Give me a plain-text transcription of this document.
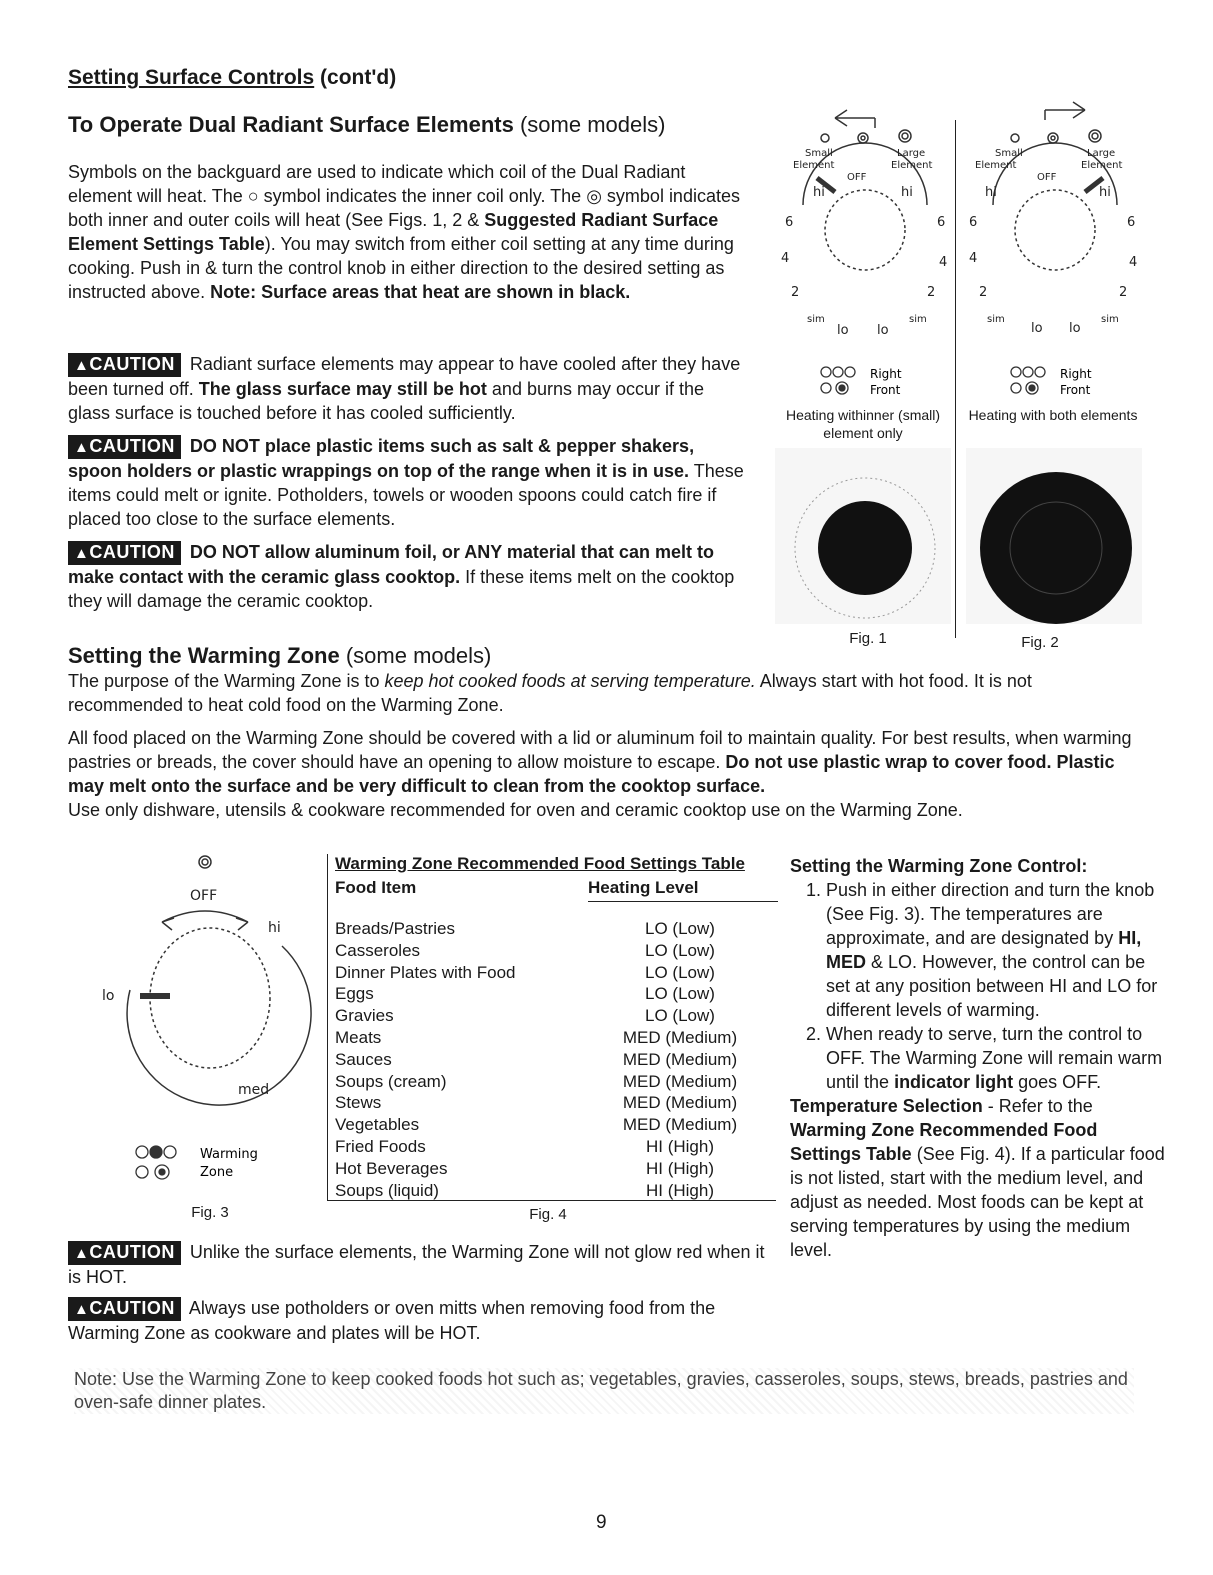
Setting Surface Controls (cont'd)
To Operate Dual Radiant Surface Elements (some models)

Symbols on the backguard are used to indicate which coil of the Dual Radiant element will heat. The ○ symbol indicates the inner coil only. The ◎ symbol indicates both inner and outer coils will heat (See Figs. 1, 2 & Suggested Radiant Surface Element Settings Table). You may switch from either coil setting at any time during cooking. Push in & turn the control knob in either direction to the desired setting as instructed above. Note: Surface areas that heat are shown in black.

▲CAUTION Radiant surface elements may appear to have cooled after they have been turned off. The glass surface may still be hot and burns may occur if the glass surface is touched before it has cooled sufficiently.

▲CAUTION DO NOT place plastic items such as salt & pepper shakers, spoon holders or plastic wrappings on top of the range when it is in use. These items could melt or ignite. Potholders, towels or wooden spoons could catch fire if placed too close to the surface elements.

▲CAUTION DO NOT allow aluminum foil, or ANY material that can melt to make contact with the ceramic glass cooktop. If these items melt on the cooktop they will damage the ceramic cooktop.

Small
Element
OFF
Large
Element
hi	hi
6	6
4	4
2	2
sim	sim
lo lo
Small
Element
OFF
Large
Element
hi	hi
6	6
4	4
2	2
sim	sim
lo lo
Right
Front
Right
Front
Heating withinner (small) element only
Heating with both elements
Fig. 1	Fig. 2
Setting the Warming Zone (some models)

The purpose of the Warming Zone is to keep hot cooked foods at serving temperature. Always start with hot food. It is not recommended to heat cold food on the Warming Zone.

All food placed on the Warming Zone should be covered with a lid or aluminum foil to maintain quality. For best results, when warming pastries or breads, the cover should have an opening to allow moisture to escape. Do not use plastic wrap to cover food. Plastic may melt onto the surface and be very difficult to clean from the cooktop surface.

Use only dishware, utensils & cookware recommended for oven and ceramic cooktop use on the Warming Zone.

OFF
hi
lo
med
Warming
Zone
Fig. 3
Warming Zone Recommended Food Settings Table
Food Item	Heating Level
Breads/Pastries	LO (Low)
Casseroles	LO (Low)
Dinner Plates with Food	LO (Low)
Eggs	LO (Low)
Gravies	LO (Low)
Meats	MED (Medium)
Sauces	MED (Medium)
Soups (cream)	MED (Medium)
Stews	MED (Medium)
Vegetables	MED (Medium)
Fried Foods	HI (High)
Hot Beverages	HI (High)
Soups (liquid)	HI (High)
Fig. 4
Setting the Warming Zone Control:
1. Push in either direction and turn the knob (See Fig. 3). The temperatures are approximate, and are designated by HI, MED & LO. However, the control can be set at any position between HI and LO for different levels of warming.
2. When ready to serve, turn the control to OFF. The Warming Zone will remain warm until the indicator light goes OFF.
Temperature Selection - Refer to the Warming Zone Recommended Food Settings Table (See Fig. 4). If a particular food is not listed, start with the medium level, and adjust as needed. Most foods can be kept at serving temperatures by using the medium level.

▲CAUTION Unlike the surface elements, the Warming Zone will not glow red when it is HOT.

▲CAUTION Always use potholders or oven mitts when removing food from the Warming Zone as cookware and plates will be HOT.

Note: Use the Warming Zone to keep cooked foods hot such as; vegetables, gravies, casseroles, soups, stews, breads, pastries and oven-safe dinner plates.
9
